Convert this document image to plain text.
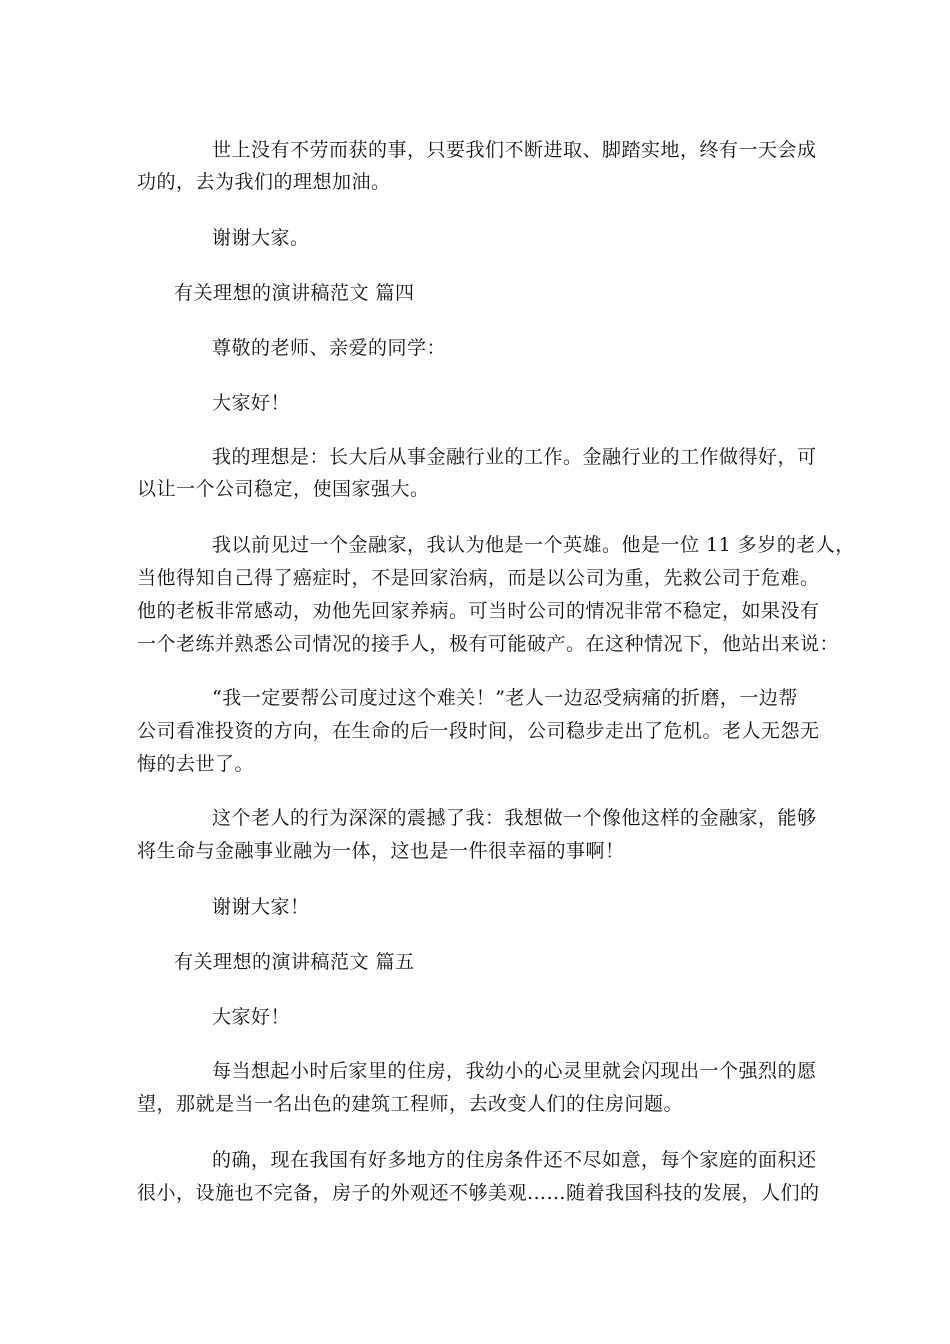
世上没有不劳而获的事，只要我们不断进取、脚踏实地，终有一天会成
功的，去为我们的理想加油。
谢谢大家。
有关理想的演讲稿范文 篇四
尊敬的老师、亲爱的同学：
大家好！
我的理想是：长大后从事金融行业的工作。金融行业的工作做得好，可
以让一个公司稳定，使国家强大。
我以前见过一个金融家，我认为他是一个英雄。他是一位 11 多岁的老人，
当他得知自己得了癌症时，不是回家治病，而是以公司为重，先救公司于危难。
他的老板非常感动，劝他先回家养病。可当时公司的情况非常不稳定，如果没有
一个老练并熟悉公司情况的接手人，极有可能破产。在这种情况下，他站出来说：
“我一定要帮公司度过这个难关！”老人一边忍受病痛的折磨，一边帮
公司看准投资的方向，在生命的后一段时间，公司稳步走出了危机。老人无怨无
悔的去世了。
这个老人的行为深深的震撼了我：我想做一个像他这样的金融家，能够
将生命与金融事业融为一体，这也是一件很幸福的事啊！
谢谢大家！
有关理想的演讲稿范文 篇五
大家好！
每当想起小时后家里的住房，我幼小的心灵里就会闪现出一个强烈的愿
望，那就是当一名出色的建筑工程师，去改变人们的住房问题。
的确，现在我国有好多地方的住房条件还不尽如意，每个家庭的面积还
很小，设施也不完备，房子的外观还不够美观……随着我国科技的发展，人们的
